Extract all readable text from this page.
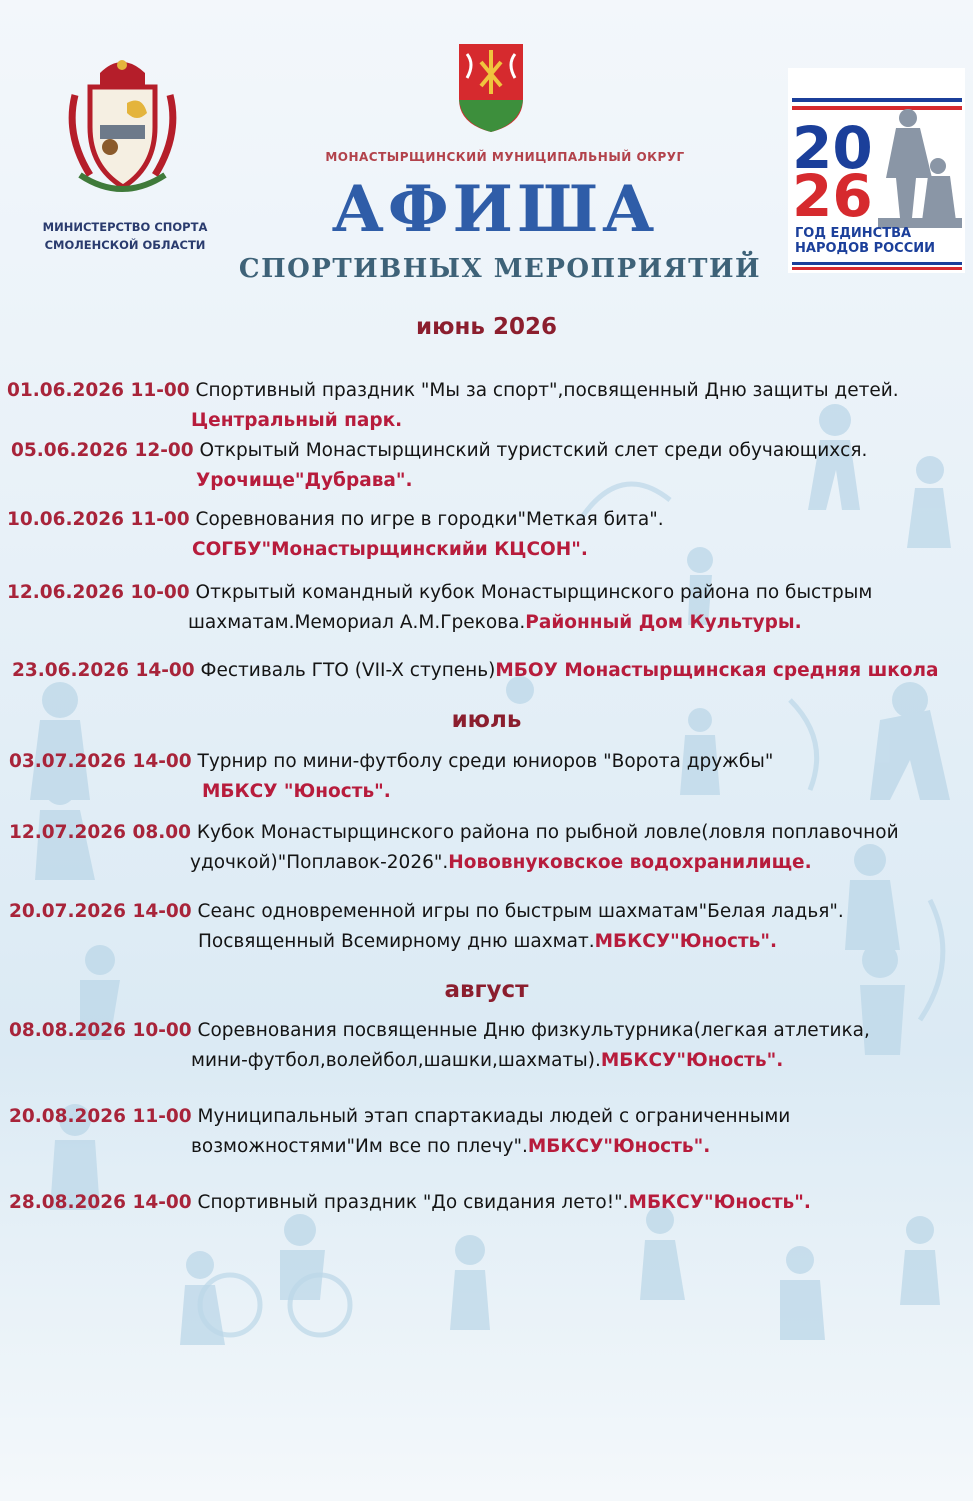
МИНИСТЕРСТВО СПОРТА
СМОЛЕНСКОЙ ОБЛАСТИ
МОНАСТЫРЩИНСКИЙ МУНИЦИПАЛЬНЫЙ ОКРУГ
АФИША
СПОРТИВНЫХ МЕРОПРИЯТИЙ
20
26
ГОД ЕДИНСТВА
НАРОДОВ РОССИИ
июнь 2026
июль
август
01.06.2026 11-00 Спортивный праздник "Мы за спорт",посвященный Дню защиты детей.
Центральный парк.
05.06.2026 12-00 Открытый Монастырщинский туристский слет среди обучающихся.
Урочище"Дубрава".
10.06.2026 11-00 Соревнования по игре в городки"Меткая бита".
СОГБУ"Монастырщинскийи КЦСОН".
12.06.2026 10-00 Открытый командный кубок Монастырщинского района по быстрым
шахматам.Мемориал А.М.Грекова.Районный Дом Культуры.
23.06.2026 14-00 Фестиваль ГТО (VII-X ступень)МБОУ Монастырщинская средняя школа
03.07.2026 14-00 Турнир по мини-футболу среди юниоров "Ворота дружбы"
МБКСУ "Юность".
12.07.2026 08.00 Кубок Монастырщинского района по рыбной ловле(ловля поплавочной
удочкой)"Поплавок-2026".Нововнуковское водохранилище.
20.07.2026 14-00 Сеанс одновременной игры по быстрым шахматам"Белая ладья".
Посвященный Всемирному дню шахмат.МБКСУ"Юность".
08.08.2026 10-00 Соревнования посвященные Дню физкультурника(легкая атлетика,
мини-футбол,волейбол,шашки,шахматы).МБКСУ"Юность".
20.08.2026 11-00 Муниципальный этап спартакиады людей с ограниченными
возможностями"Им все по плечу".МБКСУ"Юность".
28.08.2026 14-00 Спортивный праздник "До свидания лето!".МБКСУ"Юность".
